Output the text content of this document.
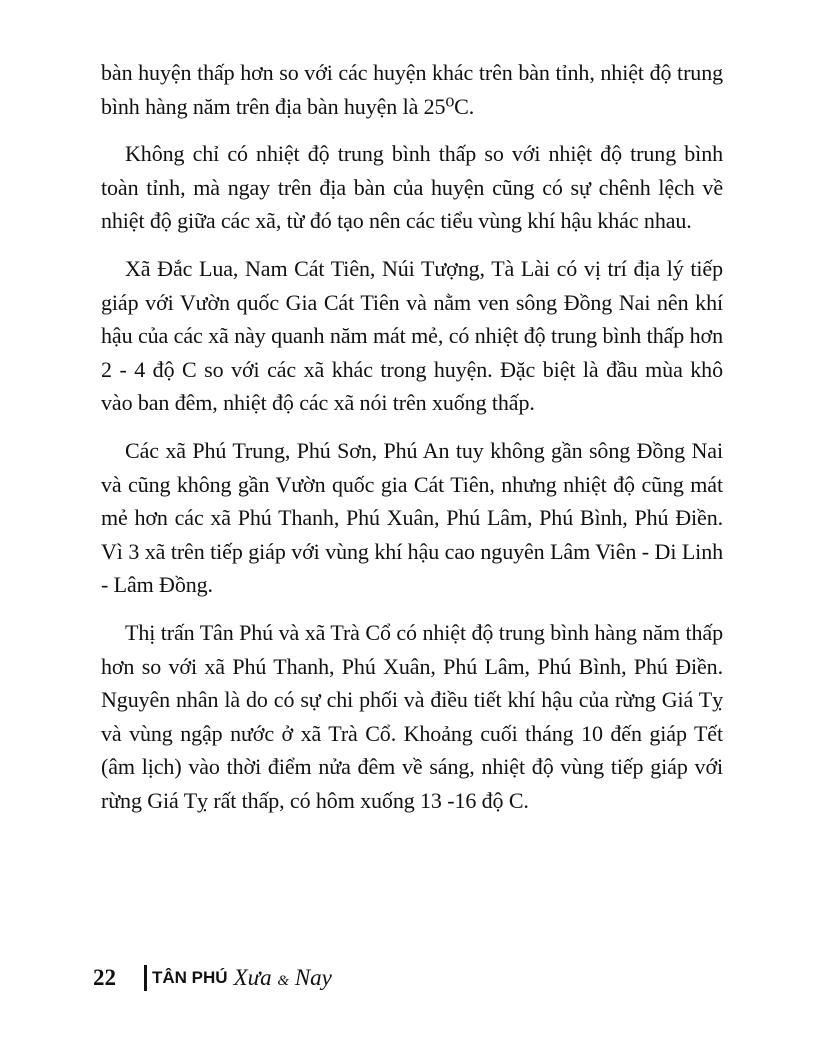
bàn huyện thấp hơn so với các huyện khác trên bàn tỉnh, nhiệt độ trung bình hàng năm trên địa bàn huyện là 25⁰C.

Không chỉ có nhiệt độ trung bình thấp so với nhiệt độ trung bình toàn tỉnh, mà ngay trên địa bàn của huyện cũng có sự chênh lệch về nhiệt độ giữa các xã, từ đó tạo nên các tiểu vùng khí hậu khác nhau.

Xã Đắc Lua, Nam Cát Tiên, Núi Tượng, Tà Lài có vị trí địa lý tiếp giáp với Vườn quốc Gia Cát Tiên và nằm ven sông Đồng Nai nên khí hậu của các xã này quanh năm mát mẻ, có nhiệt độ trung bình thấp hơn 2 - 4 độ C so với các xã khác trong huyện. Đặc biệt là đầu mùa khô vào ban đêm, nhiệt độ các xã nói trên xuống thấp.

Các xã Phú Trung, Phú Sơn, Phú An tuy không gần sông Đồng Nai và cũng không gần Vườn quốc gia Cát Tiên, nhưng nhiệt độ cũng mát mẻ hơn các xã Phú Thanh, Phú Xuân, Phú Lâm, Phú Bình, Phú Điền. Vì 3 xã trên tiếp giáp với vùng khí hậu cao nguyên Lâm Viên - Di Linh - Lâm Đồng.

Thị trấn Tân Phú và xã Trà Cổ có nhiệt độ trung bình hàng năm thấp hơn so với xã Phú Thanh, Phú Xuân, Phú Lâm, Phú Bình, Phú Điền. Nguyên nhân là do có sự chi phối và điều tiết khí hậu của rừng Giá Tỵ và vùng ngập nước ở xã Trà Cổ. Khoảng cuối tháng 10 đến giáp Tết (âm lịch) vào thời điểm nửa đêm về sáng, nhiệt độ vùng tiếp giáp với rừng Giá Tỵ rất thấp, có hôm xuống 13 -16 độ C.

22 TÂN PHÚ Xưa & Nay
